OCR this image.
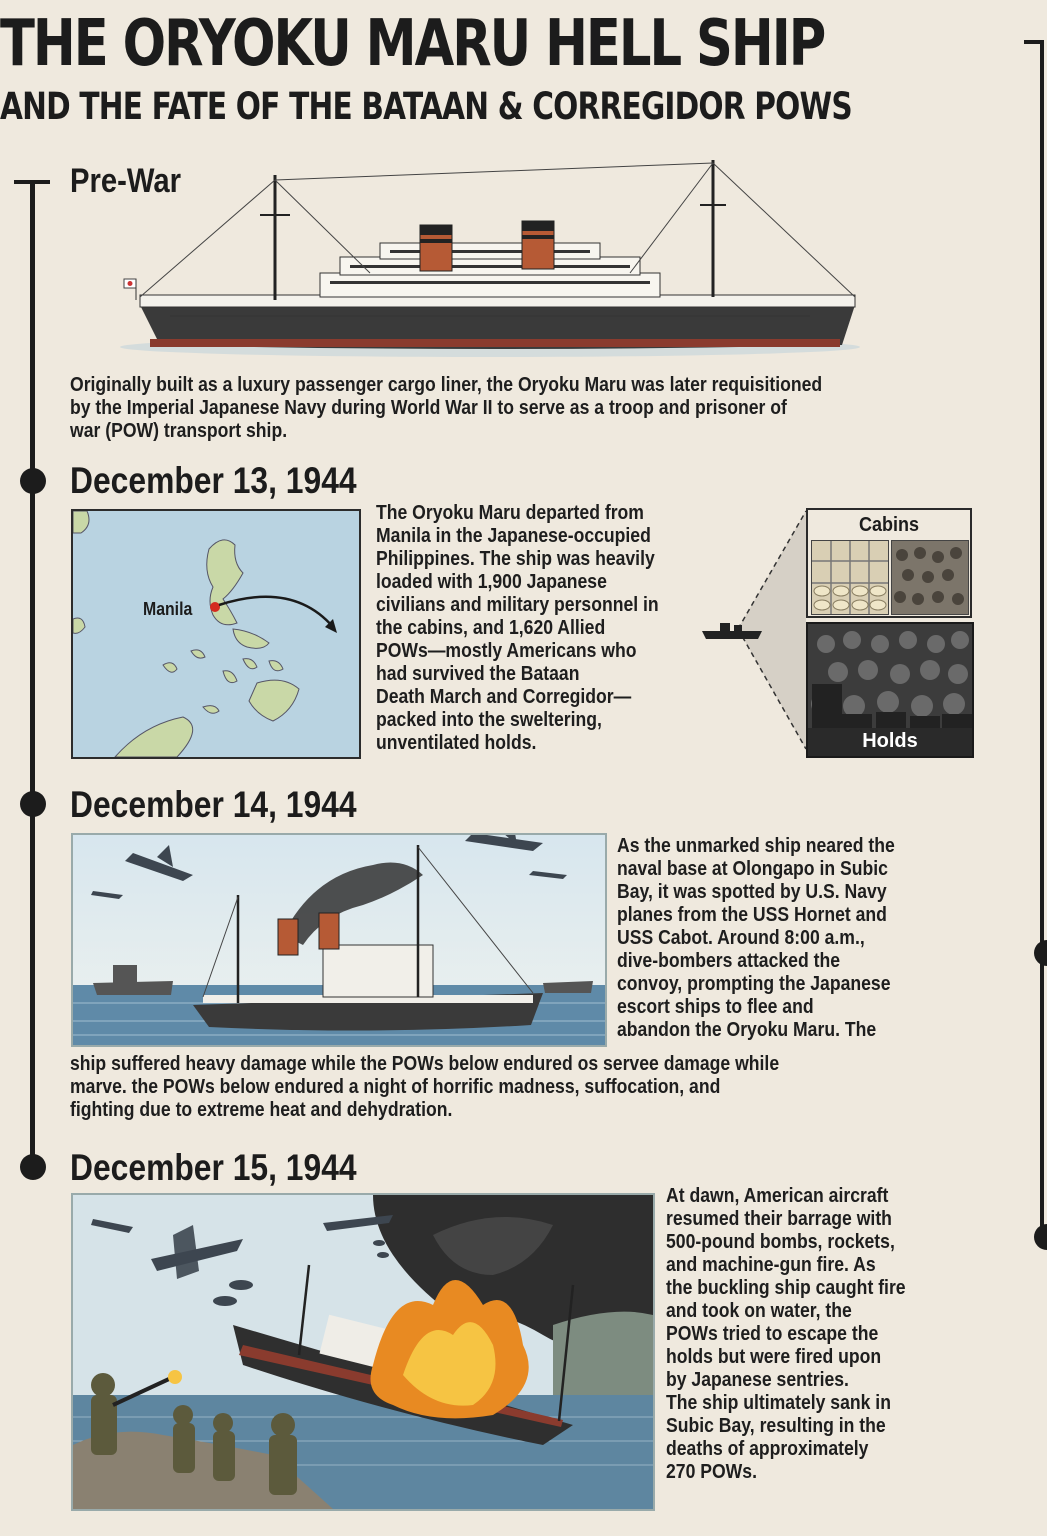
THE ORYOKU MARU HELL SHIP
AND THE FATE OF THE BATAAN & CORREGIDOR POWS
Pre-War
Originally built as a luxury passenger cargo liner, the Oryoku Maru was later requisitioned
by the Imperial Japanese Navy during World War II to serve as a troop and prisoner of
war (POW) transport ship.
December 13, 1944
Manila
The Oryoku Maru departed from
Manila in the Japanese-occupied
Philippines. The ship was heavily
loaded with 1,900 Japanese
civilians and military personnel in
the cabins, and 1,620 Allied
POWs—mostly Americans who
had survived the Bataan
Death March and Corregidor—
packed into the sweltering,
unventilated holds.
Cabins
Holds
December 14, 1944
As the unmarked ship neared the
naval base at Olongapo in Subic
Bay, it was spotted by U.S. Navy
planes from the USS Hornet and
USS Cabot. Around 8:00 a.m.,
dive-bombers attacked the
convoy, prompting the Japanese
escort ships to flee and
abandon the Oryoku Maru. The
ship suffered heavy damage while the POWs below endured os servee damage while
marve. the POWs below endured a night of horrific madness, suffocation, and
fighting due to extreme heat and dehydration.
December 15, 1944
At dawn, American aircraft
resumed their barrage with
500-pound bombs, rockets,
and machine-gun fire. As
the buckling ship caught fire
and took on water, the
POWs tried to escape the
holds but were fired upon
by Japanese sentries.
The ship ultimately sank in
Subic Bay, resulting in the
deaths of approximately
270 POWs.
